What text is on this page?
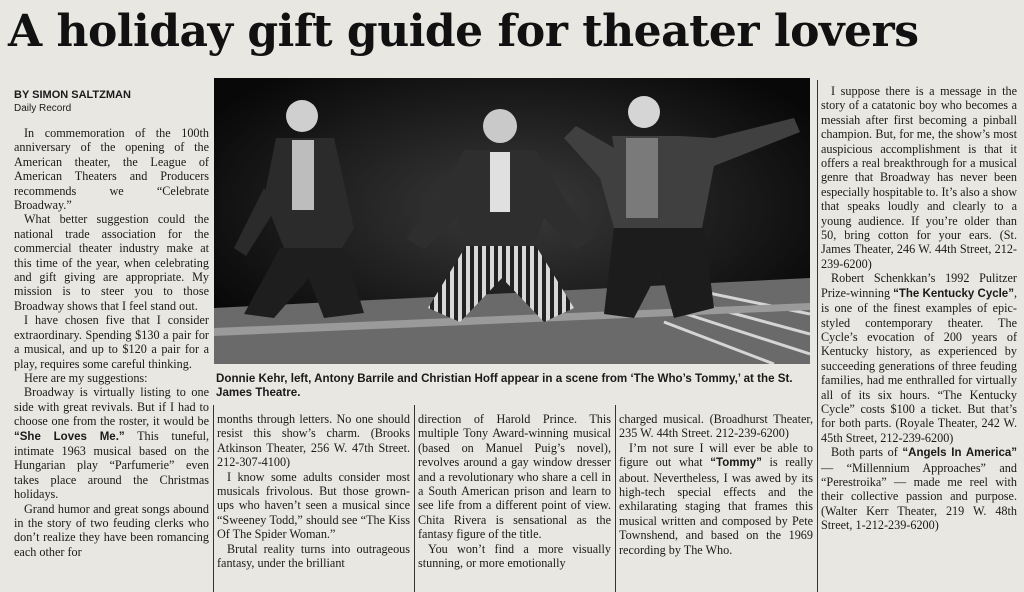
A holiday gift guide for theater lovers
BY SIMON SALTZMAN
Daily Record

In commemoration of the 100th anniversary of the opening of the American theater, the League of American Theaters and Producers recommends we “Celebrate Broadway.”

What better suggestion could the national trade association for the commercial theater industry make at this time of the year, when celebrating and gift giving are appropriate. My mission is to steer you to those Broadway shows that I feel stand out.

I have chosen five that I consider extraordinary. Spending $130 a pair for a musical, and up to $120 a pair for a play, requires some careful thinking.

Here are my suggestions:

Broadway is virtually listing to one side with great revivals. But if I had to choose one from the roster, it would be “She Loves Me.” This tuneful, intimate 1963 musical based on the Hungarian play “Parfumerie” even takes place around the Christmas holidays.

Grand humor and great songs abound in the story of two feuding clerks who don’t realize they have been romancing each other for

Donnie Kehr, left, Antony Barrile and Christian Hoff appear in a scene from ‘The Who’s Tommy,’ at the St. James Theatre.

months through letters. No one should resist this show’s charm. (Brooks Atkinson Theater, 256 W. 47th Street. 212-307-4100)

I know some adults consider most musicals frivolous. But those grown-ups who haven’t seen a musical since “Sweeney Todd,” should see “The Kiss Of The Spider Woman.”

Brutal reality turns into outrageous fantasy, under the brilliant

direction of Harold Prince. This multiple Tony Award-winning musical (based on Manuel Puig’s novel), revolves around a gay window dresser and a revolutionary who share a cell in a South American prison and learn to see life from a different point of view. Chita Rivera is sensational as the fantasy figure of the title.

You won’t find a more visually stunning, or more emotionally

charged musical. (Broadhurst Theater, 235 W. 44th Street. 212-239-6200)

I’m not sure I will ever be able to figure out what “Tommy” is really about. Nevertheless, I was awed by its high-tech special effects and the exhilarating staging that frames this musical written and composed by Pete Townshend, and based on the 1969 recording by The Who.

I suppose there is a message in the story of a catatonic boy who becomes a messiah after first becoming a pinball champion. But, for me, the show’s most auspicious accomplishment is that it offers a real breakthrough for a musical genre that Broadway has never been especially hospitable to. It’s also a show that speaks loudly and clearly to a young audience. If you’re older than 50, bring cotton for your ears. (St. James Theater, 246 W. 44th Street, 212-239-6200)

Robert Schenkkan’s 1992 Pulitzer Prize-winning “The Kentucky Cycle”, is one of the finest examples of epic-styled contemporary theater. The Cycle’s evocation of 200 years of Kentucky history, as experienced by succeeding generations of three feuding families, had me enthralled for virtually all of its six hours. “The Kentucky Cycle” costs $100 a ticket. But that’s for both parts. (Royale Theater, 242 W. 45th Street, 212-239-6200)

Both parts of “Angels In America” — “Millennium Approaches” and “Perestroika” — made me reel with their collective passion and purpose. (Walter Kerr Theater, 219 W. 48th Street, 1-212-239-6200)
